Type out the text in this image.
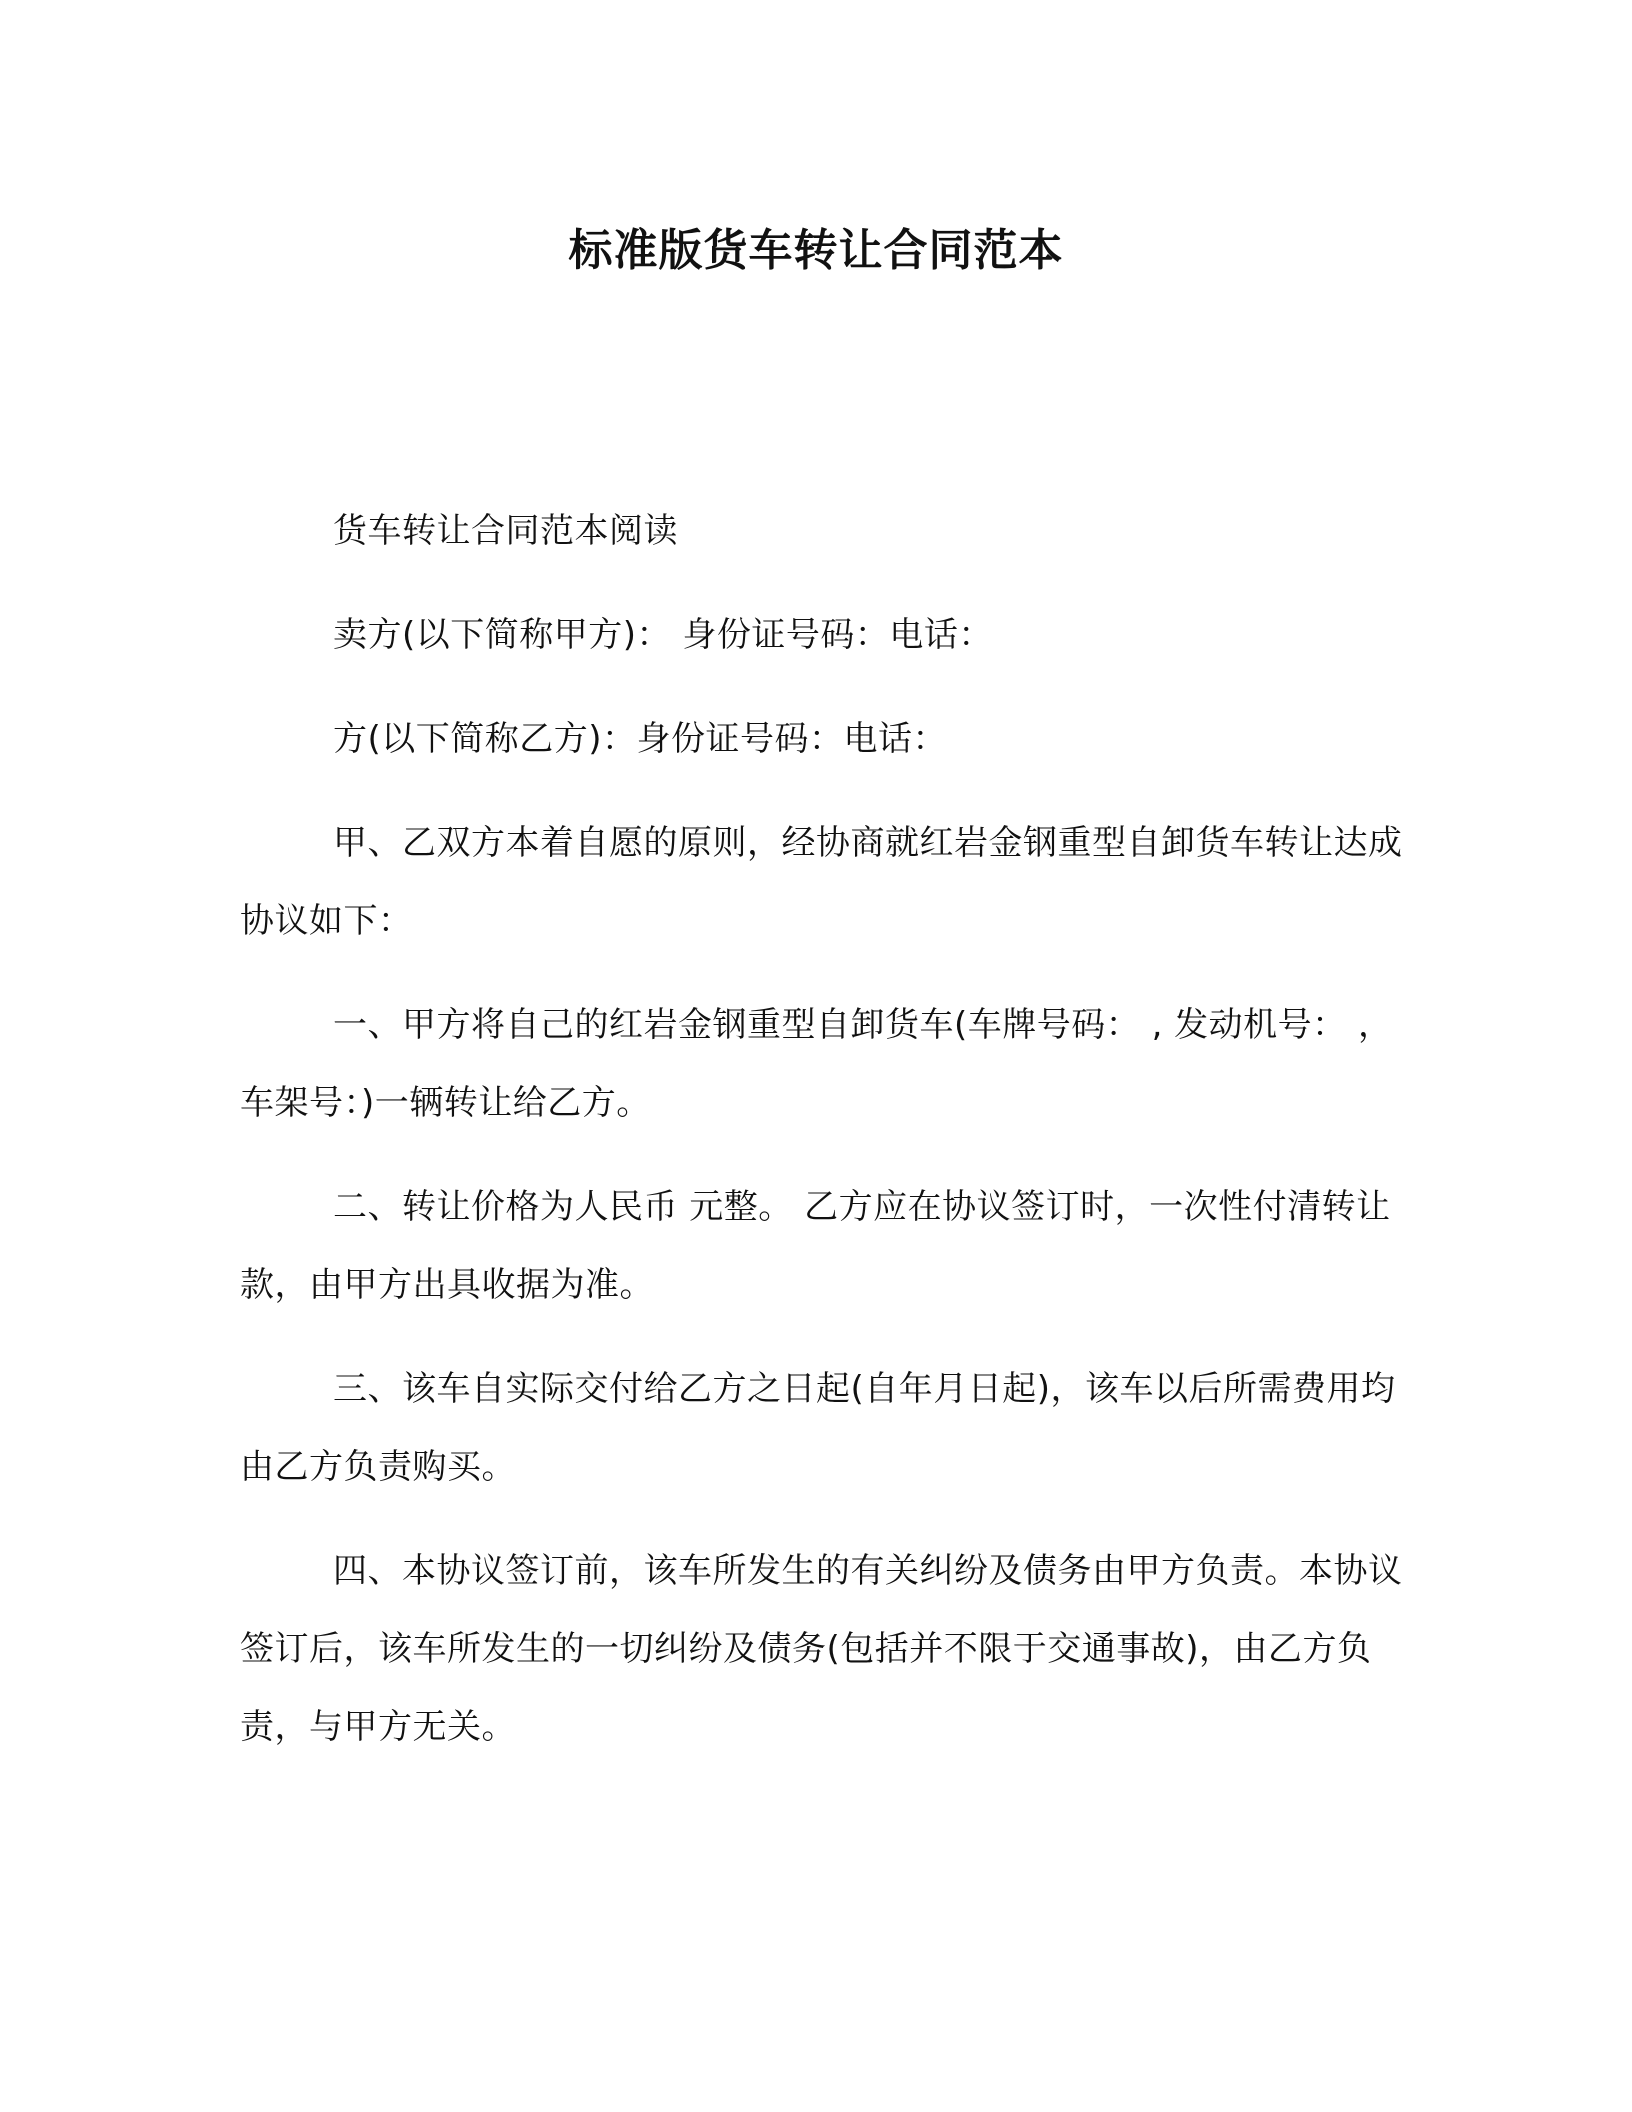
标准版货车转让合同范本

货车转让合同范本阅读

卖方(以下简称甲方)： 身份证号码：电话：

方(以下简称乙方)：身份证号码：电话：

甲、乙双方本着自愿的原则，经协商就红岩金钢重型自卸货车转让达成协议如下：

一、甲方将自己的红岩金钢重型自卸货车(车牌号码： , 发动机号： ，车架号：)一辆转让给乙方。

二、转让价格为人民币 元整。 乙方应在协议签订时，一次性付清转让款，由甲方出具收据为准。

三、该车自实际交付给乙方之日起(自年月日起)，该车以后所需费用均由乙方负责购买。

四、本协议签订前，该车所发生的有关纠纷及债务由甲方负责。本协议签订后，该车所发生的一切纠纷及债务(包括并不限于交通事故)，由乙方负责，与甲方无关。
